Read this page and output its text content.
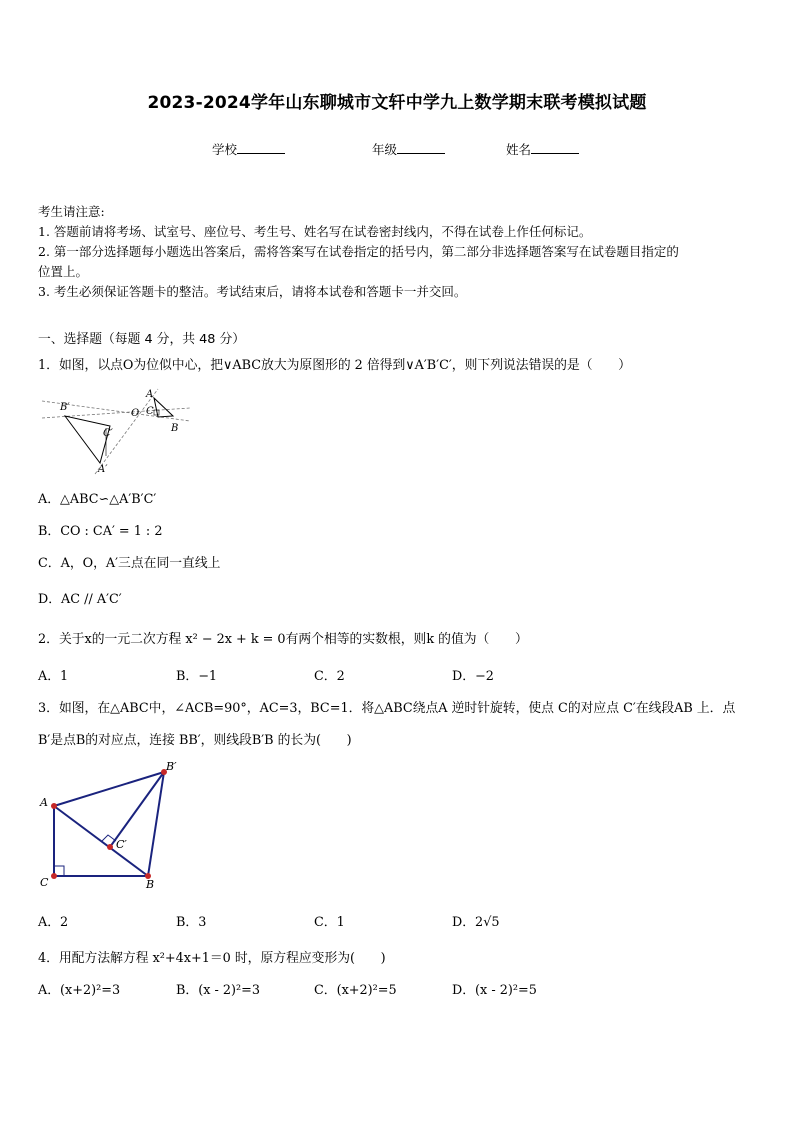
2023-2024学年山东聊城市文轩中学九上数学期末联考模拟试题
学校	年级	姓名
考生请注意:
1. 答题前请将考场、试室号、座位号、考生号、姓名写在试卷密封线内，不得在试卷上作任何标记。
2. 第一部分选择题每小题选出答案后，需将答案写在试卷指定的括号内，第二部分非选择题答案写在试卷题目指定的
位置上。
3. 考生必须保证答题卡的整洁。考试结束后，请将本试卷和答题卡一并交回。
一、选择题（每题 4 分，共 48 分）
1．如图，以点O为位似中心，把∨ABC放大为原图形的 2 倍得到∨A′B′C′，则下列说法错误的是（　　）
B′
O
A
C
B
C′
A′
A．△ABC∽△A′B′C′
B．CO : CA′ = 1 : 2
C．A，O，A′三点在同一直线上
D．AC // A′C′
2．关于x的一元二次方程 x² − 2x + k = 0有两个相等的实数根，则k 的值为（　　）
A．1	B．−1	C．2	D．−2
3．如图，在△ABC中，∠ACB=90°，AC=3，BC=1．将△ABC绕点A 逆时针旋转，使点 C的对应点 C′在线段AB 上．点
B′是点B的对应点，连接 BB′，则线段B′B 的长为(　　)
B′
A
C′
C	B
A．2	B．3	C．1	D．2√5
4．用配方法解方程 x²+4x+1＝0 时，原方程应变形为(　　)
A．(x+2)²=3	B．(x - 2)²=3	C．(x+2)²=5	D．(x - 2)²=5
